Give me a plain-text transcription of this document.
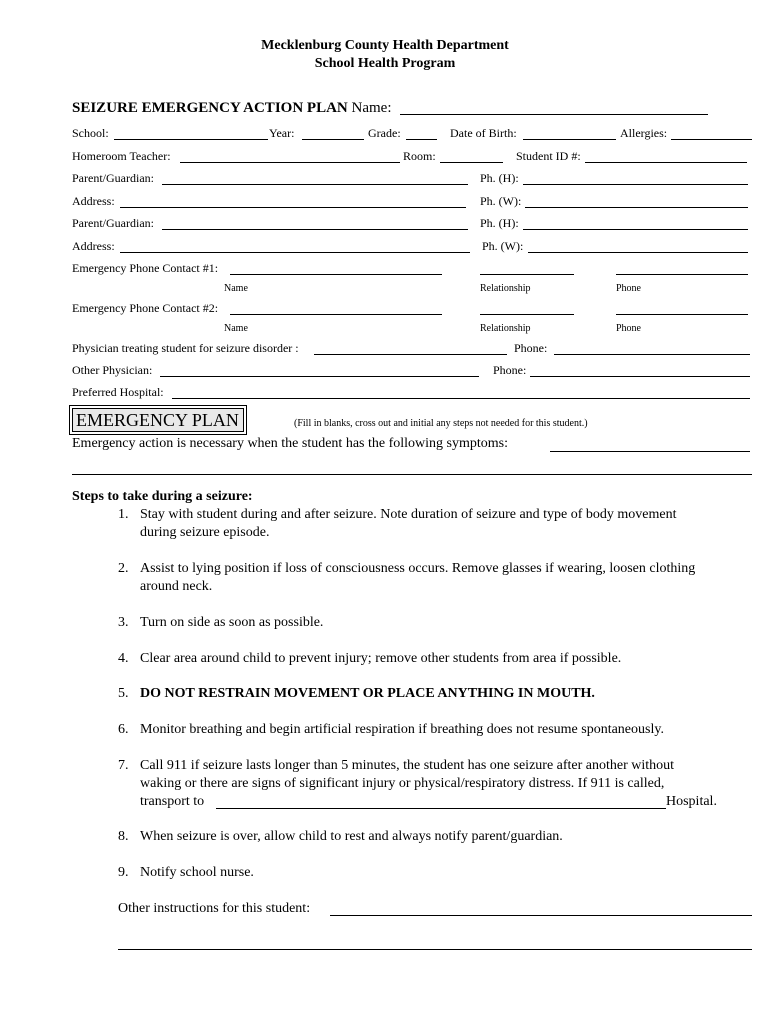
Mecklenburg County Health Department
School Health Program
SEIZURE EMERGENCY ACTION PLAN Name:
School:	Year:	Grade:	Date of Birth:	Allergies:
Homeroom Teacher:	Room:	Student ID #:
Parent/Guardian:	Ph. (H):
Address:	Ph. (W):
Parent/Guardian:	Ph. (H):
Address:	Ph. (W):
Emergency Phone Contact #1:
Name	Relationship	Phone
Emergency Phone Contact #2:
Name	Relationship	Phone
Physician treating student for seizure disorder :	Phone:
Other Physician:	Phone:
Preferred Hospital:
EMERGENCY PLAN	(Fill in blanks, cross out and initial any steps not needed for this student.)
Emergency action is necessary when the student has the following symptoms:
Steps to take during a seizure:
1. Stay with student during and after seizure. Note duration of seizure and type of body movement
during seizure episode.
2. Assist to lying position if loss of consciousness occurs. Remove glasses if wearing, loosen clothing
around neck.
3. Turn on side as soon as possible.
4. Clear area around child to prevent injury; remove other students from area if possible.
5. DO NOT RESTRAIN MOVEMENT OR PLACE ANYTHING IN MOUTH.
6. Monitor breathing and begin artificial respiration if breathing does not resume spontaneously.
7. Call 911 if seizure lasts longer than 5 minutes, the student has one seizure after another without
waking or there are signs of significant injury or physical/respiratory distress. If 911 is called,
transport to	Hospital.
8. When seizure is over, allow child to rest and always notify parent/guardian.
9. Notify school nurse.
Other instructions for this student:
